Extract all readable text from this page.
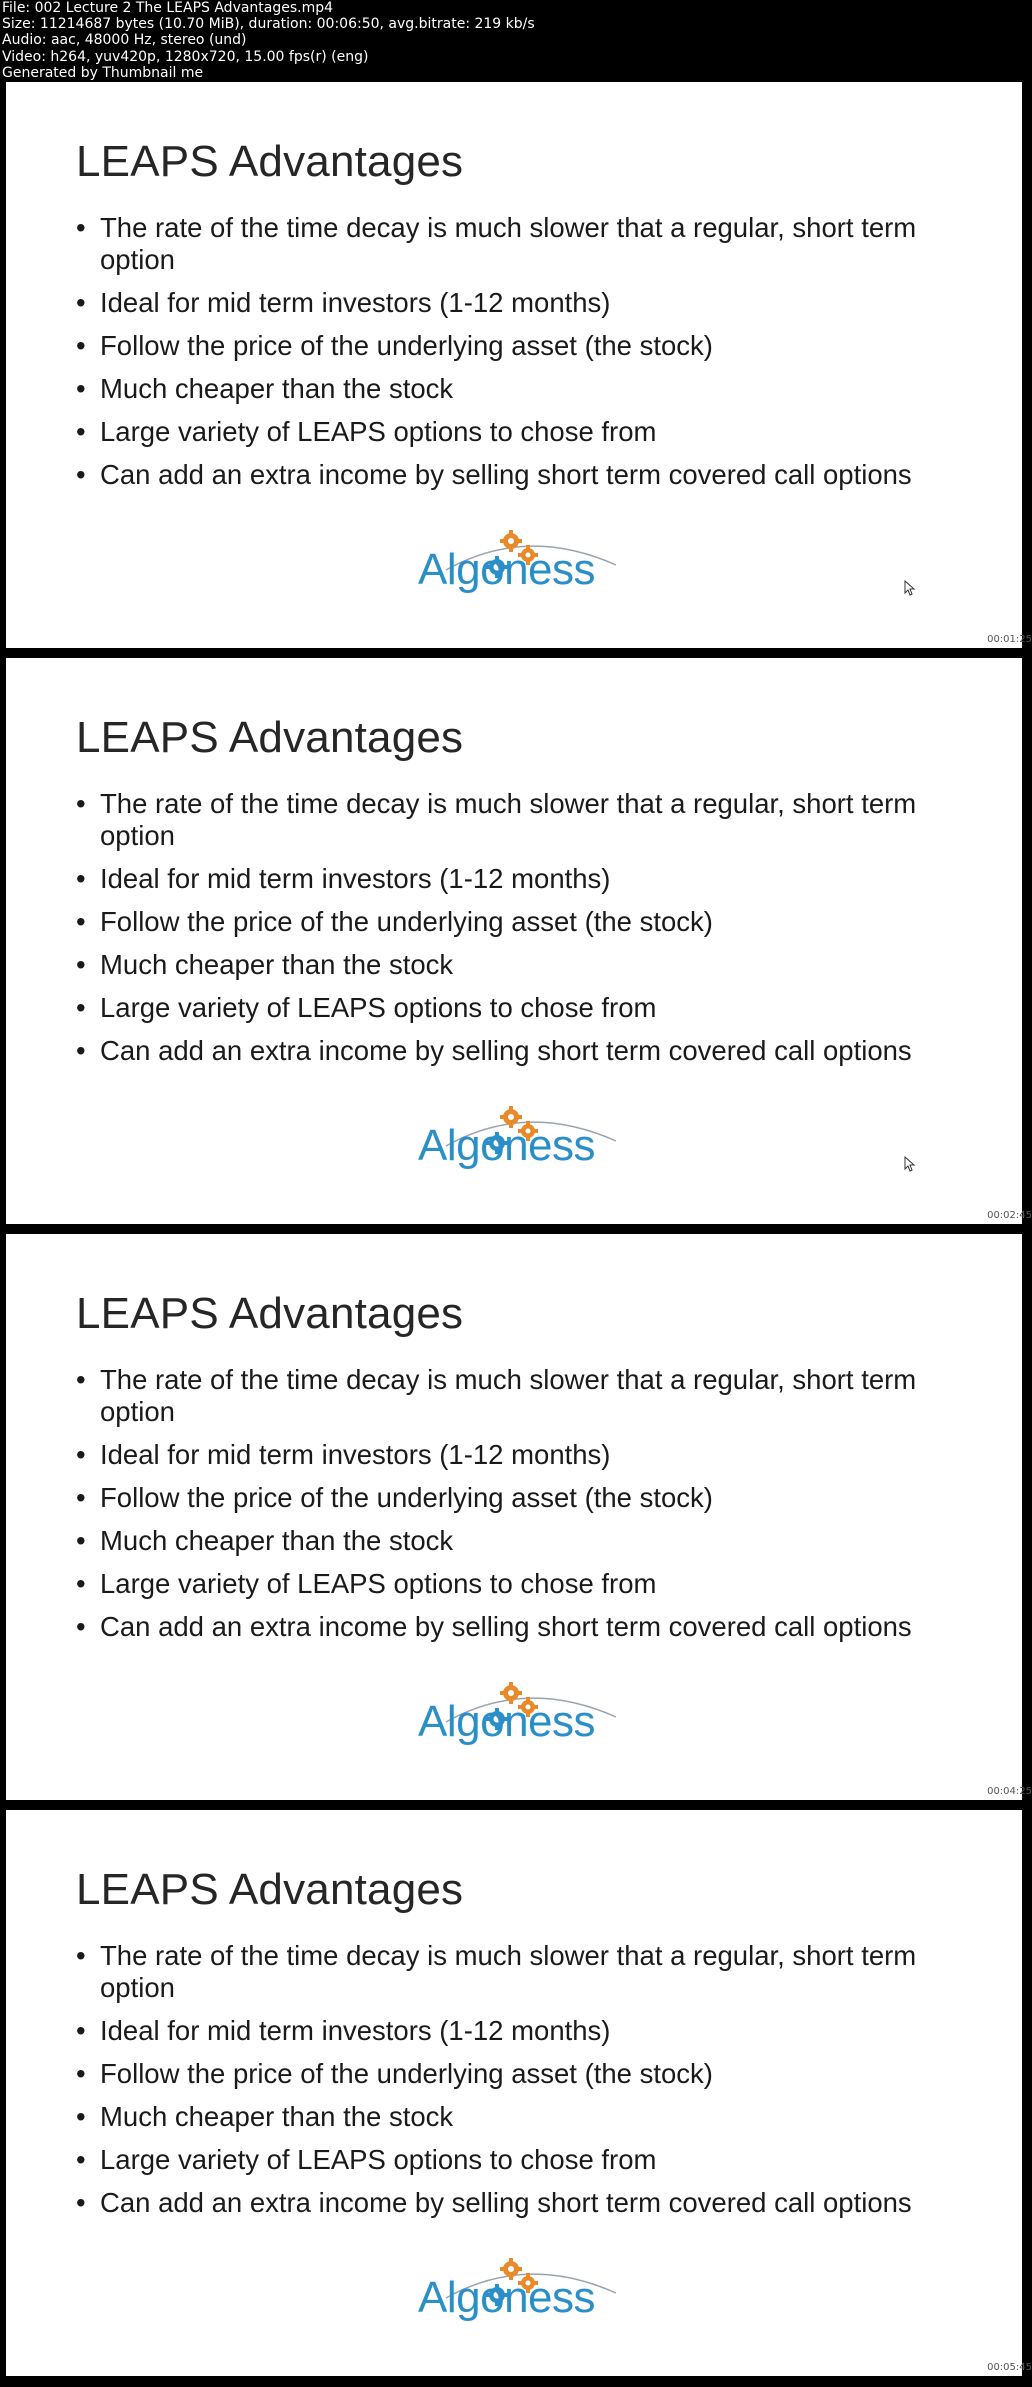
File: 002 Lecture 2 The LEAPS Advantages.mp4
Size: 11214687 bytes (10.70 MiB), duration: 00:06:50, avg.bitrate: 219 kb/s
Audio: aac, 48000 Hz, stereo (und)
Video: h264, yuv420p, 1280x720, 15.00 fps(r) (eng)
Generated by Thumbnail me
LEAPS Advantages
• The rate of the time decay is much slower that a regular, short term option
• Ideal for mid term investors (1-12 months)
• Follow the price of the underlying asset (the stock)
• Much cheaper than the stock
• Large variety of LEAPS options to chose from
• Can add an extra income by selling short term covered call options
Algoness
00:01:25
LEAPS Advantages
• The rate of the time decay is much slower that a regular, short term option
• Ideal for mid term investors (1-12 months)
• Follow the price of the underlying asset (the stock)
• Much cheaper than the stock
• Large variety of LEAPS options to chose from
• Can add an extra income by selling short term covered call options
Algoness
00:02:45
LEAPS Advantages
• The rate of the time decay is much slower that a regular, short term option
• Ideal for mid term investors (1-12 months)
• Follow the price of the underlying asset (the stock)
• Much cheaper than the stock
• Large variety of LEAPS options to chose from
• Can add an extra income by selling short term covered call options
Algoness
00:04:25
LEAPS Advantages
• The rate of the time decay is much slower that a regular, short term option
• Ideal for mid term investors (1-12 months)
• Follow the price of the underlying asset (the stock)
• Much cheaper than the stock
• Large variety of LEAPS options to chose from
• Can add an extra income by selling short term covered call options
Algoness
00:05:45
